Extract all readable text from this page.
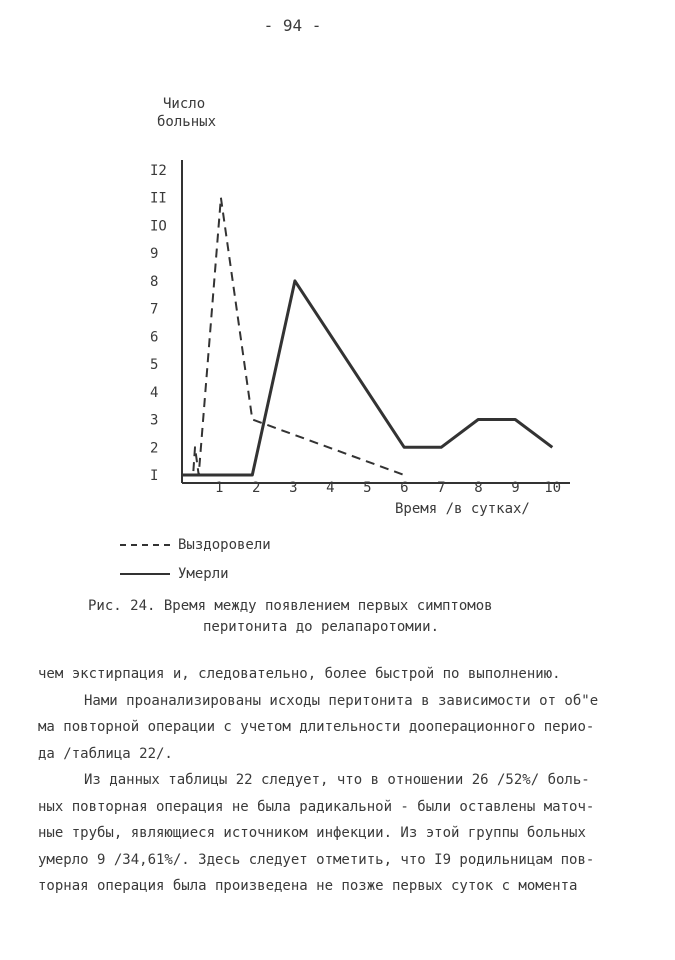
- 94 -
Число
больных
I
2
3
4
5
6
7
8
9
IO
II
I2
1 2 3 4 5 6 7 8 9 10
Время /в сутках/
Выздоровели
Умерли
Рис. 24. Время между появлением первых симптомов
перитонита до релапаротомии.
чем экстирпация и, следовательно, более быстрой по выполнению.
Нами проанализированы исходы перитонита в зависимости от об"е
ма повторной операции с учетом длительности дооперационного перио-
да /таблица 22/.
Из данных таблицы 22 следует, что в отношении 26 /52%/ боль-
ных повторная операция не была радикальной - были оставлены маточ-
ные трубы, являющиеся источником инфекции. Из этой группы больных
умерло 9 /34,61%/. Здесь следует отметить, что I9 родильницам пов-
торная операция была произведена не позже первых суток с момента
